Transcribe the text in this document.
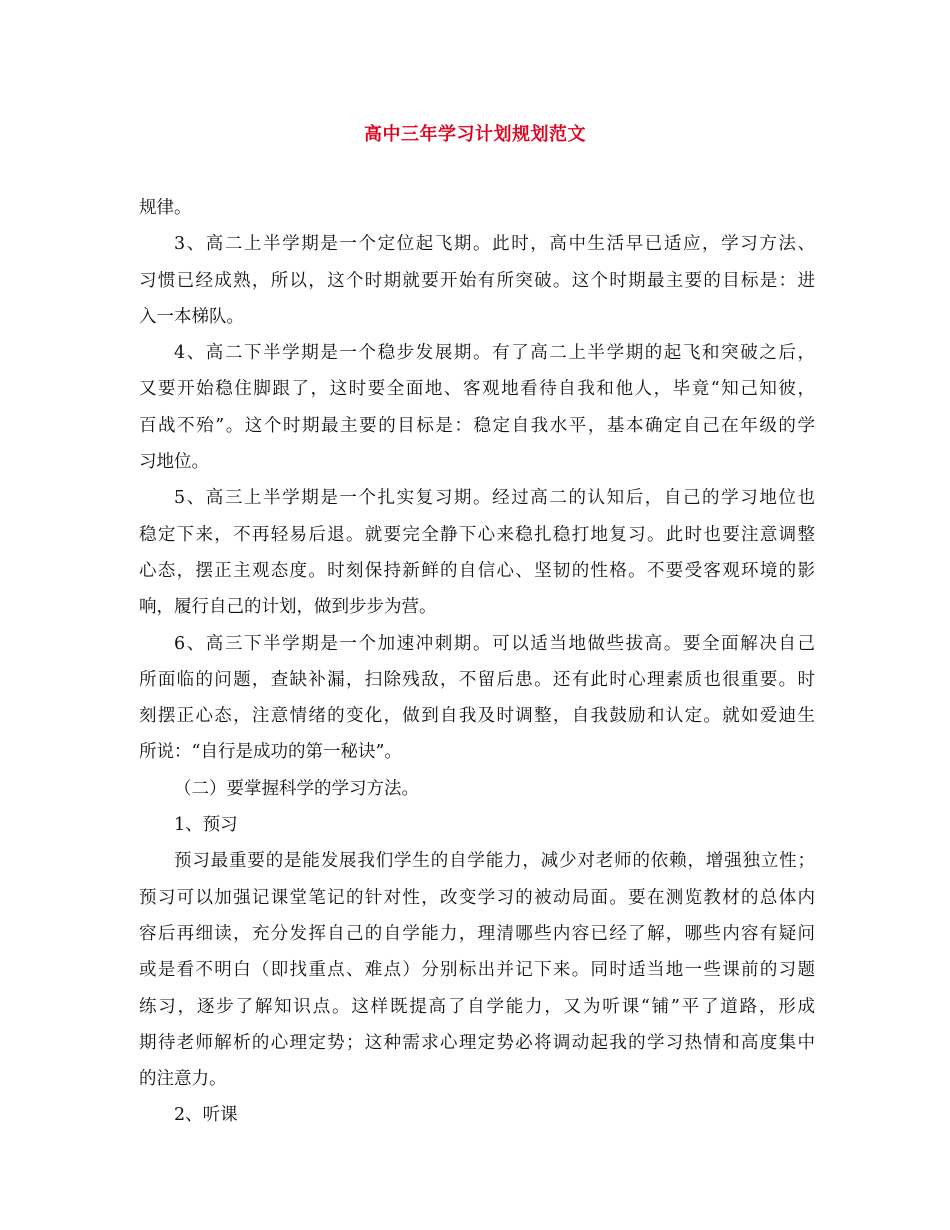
高中三年学习计划规划范文
规律。
3、高二上半学期是一个定位起飞期。此时，高中生活早已适应，学习方法、
习惯已经成熟，所以，这个时期就要开始有所突破。这个时期最主要的目标是：进
入一本梯队。
4、高二下半学期是一个稳步发展期。有了高二上半学期的起飞和突破之后，
又要开始稳住脚跟了，这时要全面地、客观地看待自我和他人，毕竟“知己知彼，
百战不殆”。这个时期最主要的目标是：稳定自我水平，基本确定自己在年级的学
习地位。
5、高三上半学期是一个扎实复习期。经过高二的认知后，自己的学习地位也
稳定下来，不再轻易后退。就要完全静下心来稳扎稳打地复习。此时也要注意调整
心态，摆正主观态度。时刻保持新鲜的自信心、坚韧的性格。不要受客观环境的影
响，履行自己的计划，做到步步为营。
6、高三下半学期是一个加速冲刺期。可以适当地做些拔高。要全面解决自己
所面临的问题，查缺补漏，扫除残敌，不留后患。还有此时心理素质也很重要。时
刻摆正心态，注意情绪的变化，做到自我及时调整，自我鼓励和认定。就如爱迪生
所说：“自行是成功的第一秘诀”。
（二）要掌握科学的学习方法。
1、预习
预习最重要的是能发展我们学生的自学能力，减少对老师的依赖，增强独立性；
预习可以加强记课堂笔记的针对性，改变学习的被动局面。要在测览教材的总体内
容后再细读，充分发挥自己的自学能力，理清哪些内容已经了解，哪些内容有疑问
或是看不明白（即找重点、难点）分别标出并记下来。同时适当地一些课前的习题
练习，逐步了解知识点。这样既提高了自学能力，又为听课“铺”平了道路，形成
期待老师解析的心理定势；这种需求心理定势必将调动起我的学习热情和高度集中
的注意力。
2、听课
